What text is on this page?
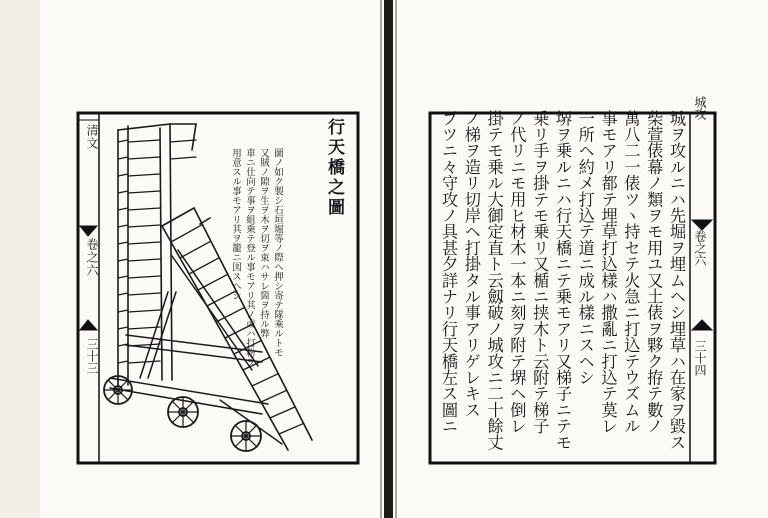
清文
卷之六
三十三
行天橋之圖

圖ノ如ク製シ石垣堀等ノ際ヘ押シ寄テ隊乘ルトモ

又賊ノ隙ヲ生ヲ木ヲ切ヲ束ハサレ箇ヲ持ル弊

車ニ仕向テ事ヲ組乗テ登ル事モアリ其ノ或ハ打粉ヲ

用意スル事モアリ其ヲ籠ニ図スヘシ

城攻
卷之六
三十四

城ヲ攻ルニハ先堀ヲ埋ムヘシ埋草ハ在家ヲ毀ス

柴萱俵幕ノ類ヲモ用ユ又土俵ヲ夥ク拵テ數ノ

萬八二一俵ツヽ持セテ火急ニ打込テウズムル

事モアリ都テ埋草打込樣ハ撒亂ニ打込テ莫レ

一所ヘ約メ打込テ道ニ成ル樣ニスヘシ

堺ヲ乗ルニハ行天橋ニテ乗モアリ又梯子ニテモ

乗リ手ヲ掛テモ乗リ又楯ニ挟木ト云附テ梯子

ノ代リニモ用ヒ材木一本ニ刻ヲ附テ堺ヘ倒レ

掛テモ乗ル大御定直ト云劔破ノ城攻ニ二十餘丈

ノ梯ヲ造リ切岸ヘ打掛タル事アリゲレキス

ブツニ々守攻ノ具甚夕詳ナリ行天橋左ス圖ニ
